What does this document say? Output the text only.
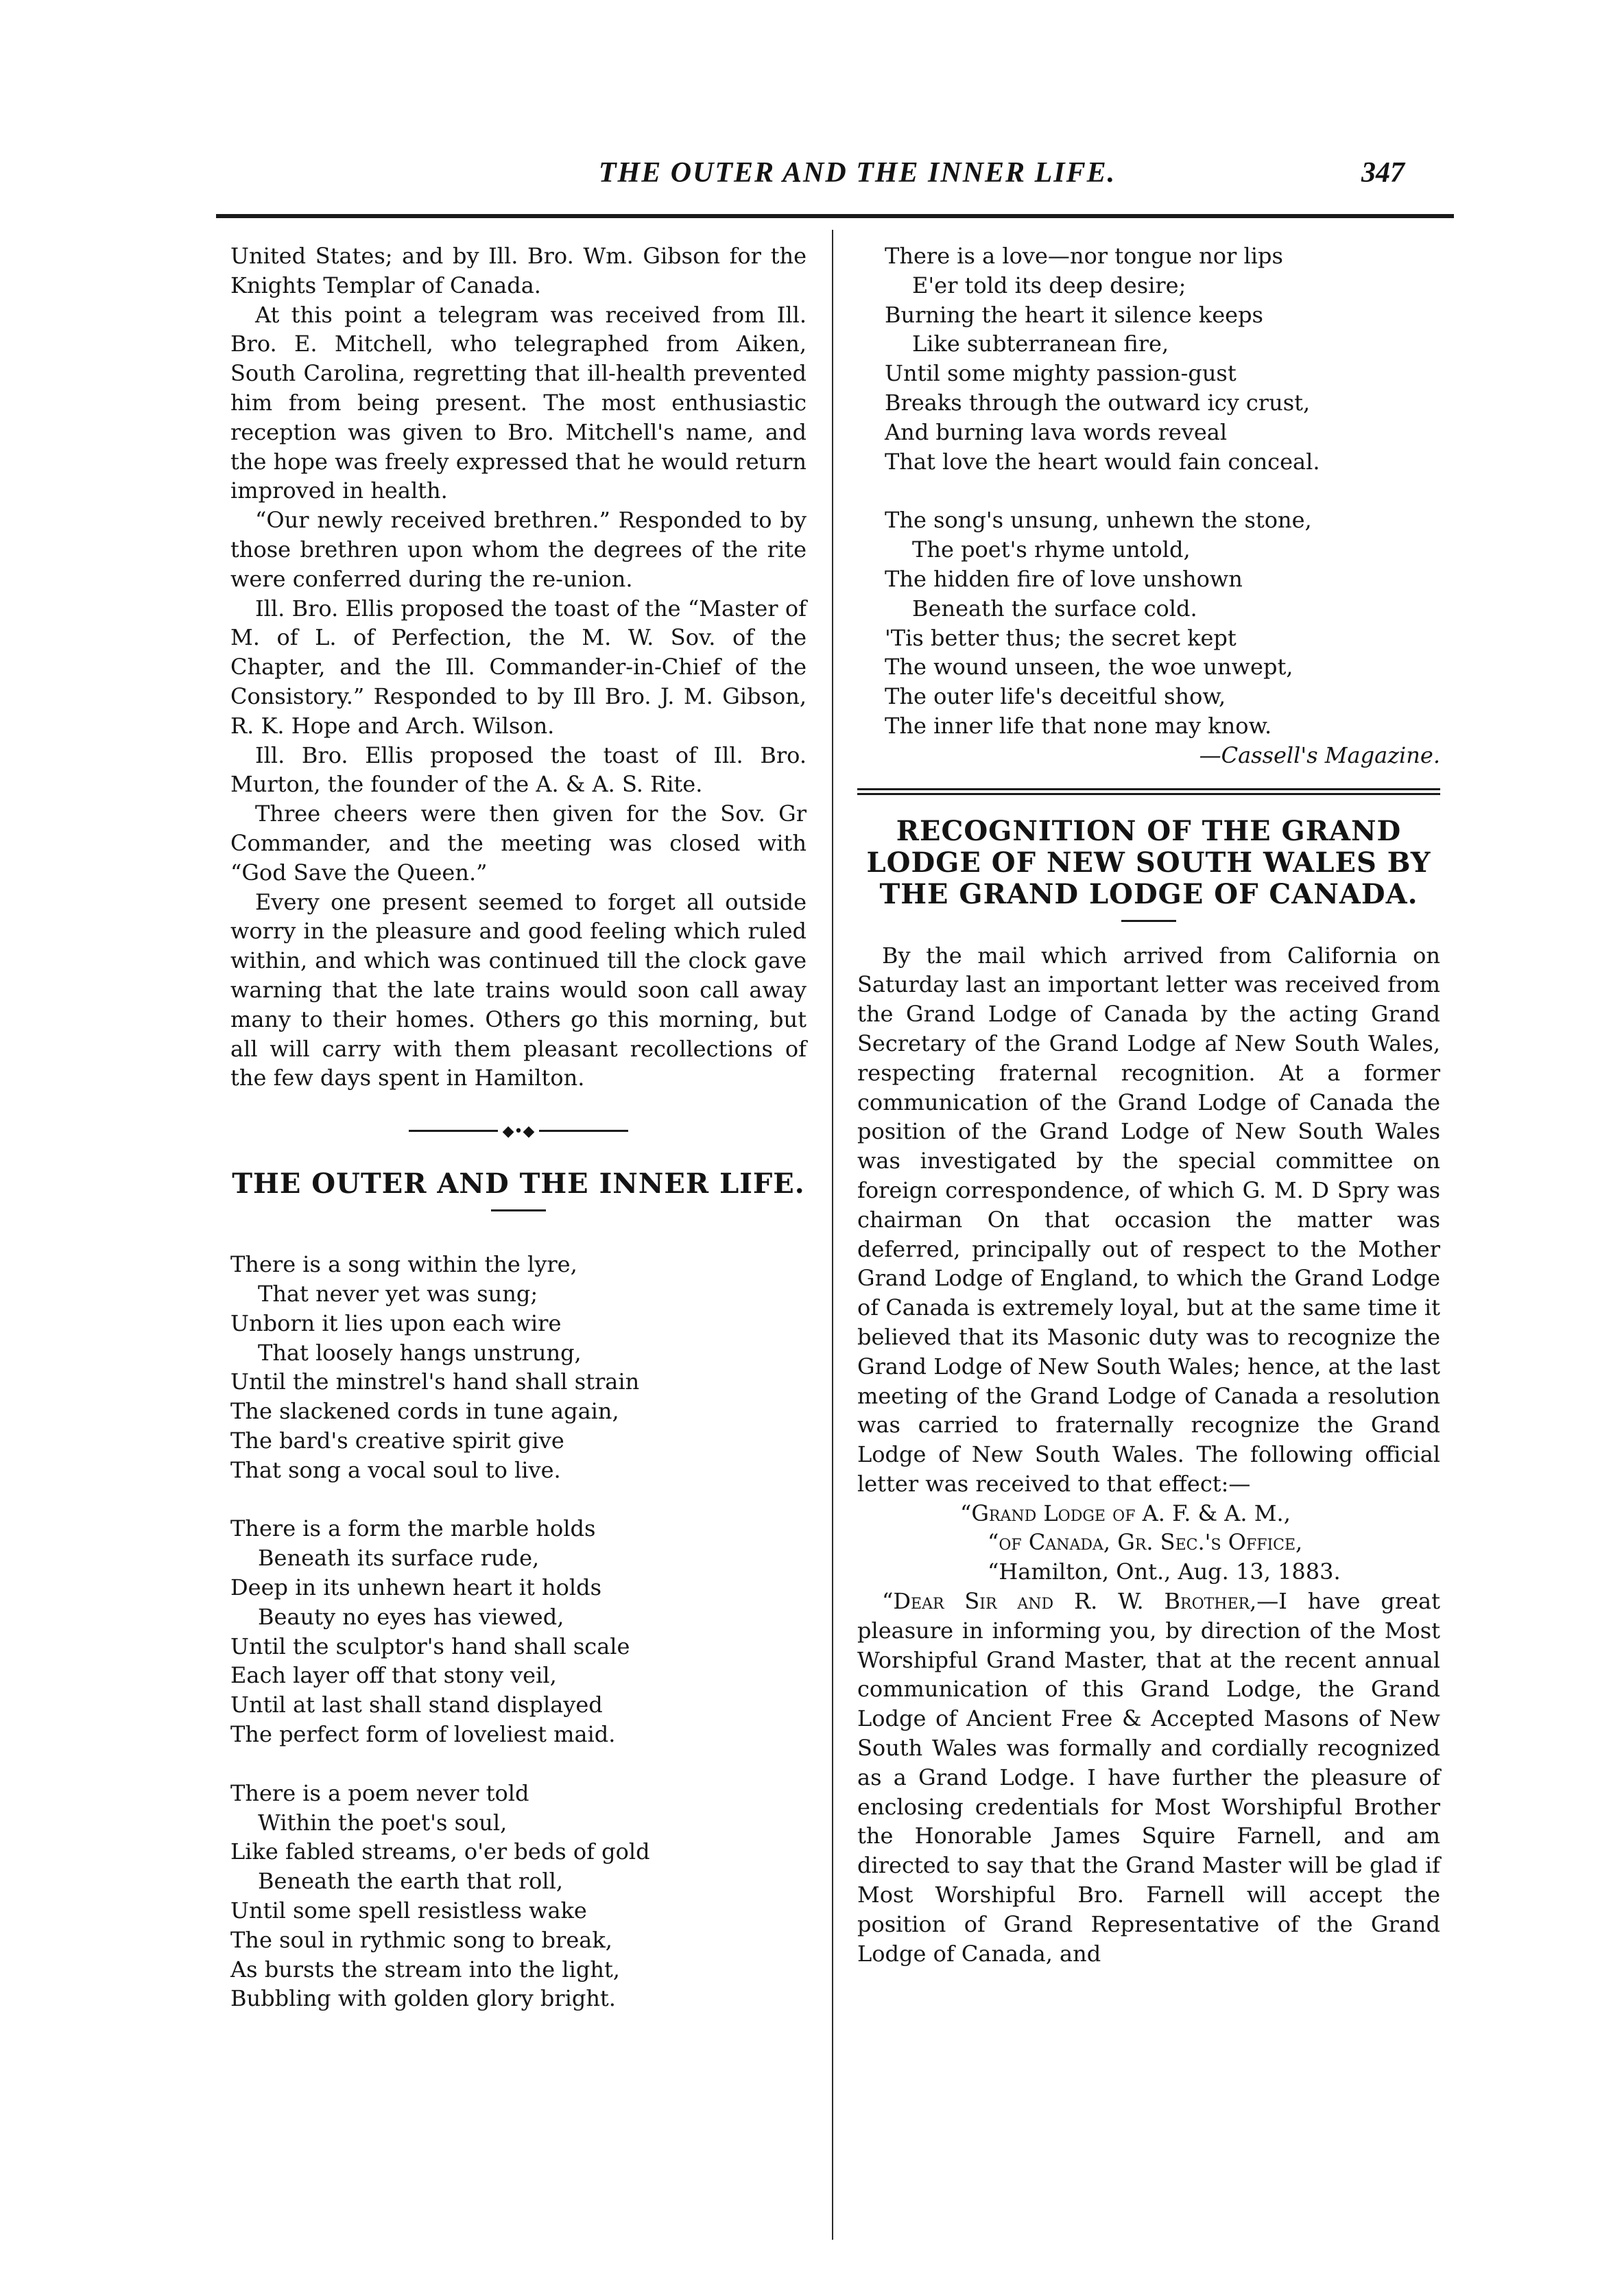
THE OUTER AND THE INNER LIFE.	347

United States; and by Ill. Bro. Wm. Gibson for the Knights Templar of Canada.

At this point a telegram was received from Ill. Bro. E. Mitchell, who telegraphed from Aiken, South Carolina, regretting that ill-health prevented him from being present. The most enthusiastic reception was given to Bro. Mitchell's name, and the hope was freely expressed that he would return improved in health.

“Our newly received brethren.” Responded to by those brethren upon whom the degrees of the rite were conferred during the re-union.

Ill. Bro. Ellis proposed the toast of the “Master of M. of L. of Perfection, the M. W. Sov. of the Chapter, and the Ill. Commander-in-Chief of the Consistory.” Responded to by Ill Bro. J. M. Gibson, R. K. Hope and Arch. Wilson.

Ill. Bro. Ellis proposed the toast of Ill. Bro. Murton, the founder of the A. & A. S. Rite.

Three cheers were then given for the Sov. Gr Commander, and the meeting was closed with “God Save the Queen.”

Every one present seemed to forget all outside worry in the pleasure and good feeling which ruled within, and which was continued till the clock gave warning that the late trains would soon call away many to their homes. Others go this morning, but all will carry with them pleasant recollections of the few days spent in Hamilton.

◆•◆
THE OUTER AND THE INNER LIFE.
There is a song within the lyre,
That never yet was sung;
Unborn it lies upon each wire
That loosely hangs unstrung,
Until the minstrel's hand shall strain
The slackened cords in tune again,
The bard's creative spirit give
That song a vocal soul to live.
There is a form the marble holds
Beneath its surface rude,
Deep in its unhewn heart it holds
Beauty no eyes has viewed,
Until the sculptor's hand shall scale
Each layer off that stony veil,
Until at last shall stand displayed
The perfect form of loveliest maid.
There is a poem never told
Within the poet's soul,
Like fabled streams, o'er beds of gold
Beneath the earth that roll,
Until some spell resistless wake
The soul in rythmic song to break,
As bursts the stream into the light,
Bubbling with golden glory bright.
There is a love—nor tongue nor lips
E'er told its deep desire;
Burning the heart it silence keeps
Like subterranean fire,
Until some mighty passion-gust
Breaks through the outward icy crust,
And burning lava words reveal
That love the heart would fain conceal.
The song's unsung, unhewn the stone,
The poet's rhyme untold,
The hidden fire of love unshown
Beneath the surface cold.
'Tis better thus; the secret kept
The wound unseen, the woe unwept,
The outer life's deceitful show,
The inner life that none may know.
—Cassell's Magazine.
RECOGNITION OF THE GRAND LODGE OF NEW SOUTH WALES BY THE GRAND LODGE OF CANADA.

By the mail which arrived from California on Saturday last an important letter was received from the Grand Lodge of Canada by the acting Grand Secretary of the Grand Lodge af New South Wales, respecting fraternal recognition. At a former communication of the Grand Lodge of Canada the position of the Grand Lodge of New South Wales was investigated by the special committee on foreign correspondence, of which G. M. D Spry was chairman On that occasion the matter was deferred, principally out of respect to the Mother Grand Lodge of England, to which the Grand Lodge of Canada is extremely loyal, but at the same time it believed that its Masonic duty was to recognize the Grand Lodge of New South Wales; hence, at the last meeting of the Grand Lodge of Canada a resolution was carried to fraternally recognize the Grand Lodge of New South Wales. The following official letter was received to that effect:—

“Grand Lodge of A. F. & A. M.,
“of Canada, Gr. Sec.'s Office,
“Hamilton, Ont., Aug. 13, 1883.

“Dear Sir and R. W. Brother,—I have great pleasure in informing you, by direction of the Most Worshipful Grand Master, that at the recent annual communication of this Grand Lodge, the Grand Lodge of Ancient Free & Accepted Masons of New South Wales was formally and cordially recognized as a Grand Lodge. I have further the pleasure of enclosing credentials for Most Worshipful Brother the Honorable James Squire Farnell, and am directed to say that the Grand Master will be glad if Most Worshipful Bro. Farnell will accept the position of Grand Representative of the Grand Lodge of Canada, and
